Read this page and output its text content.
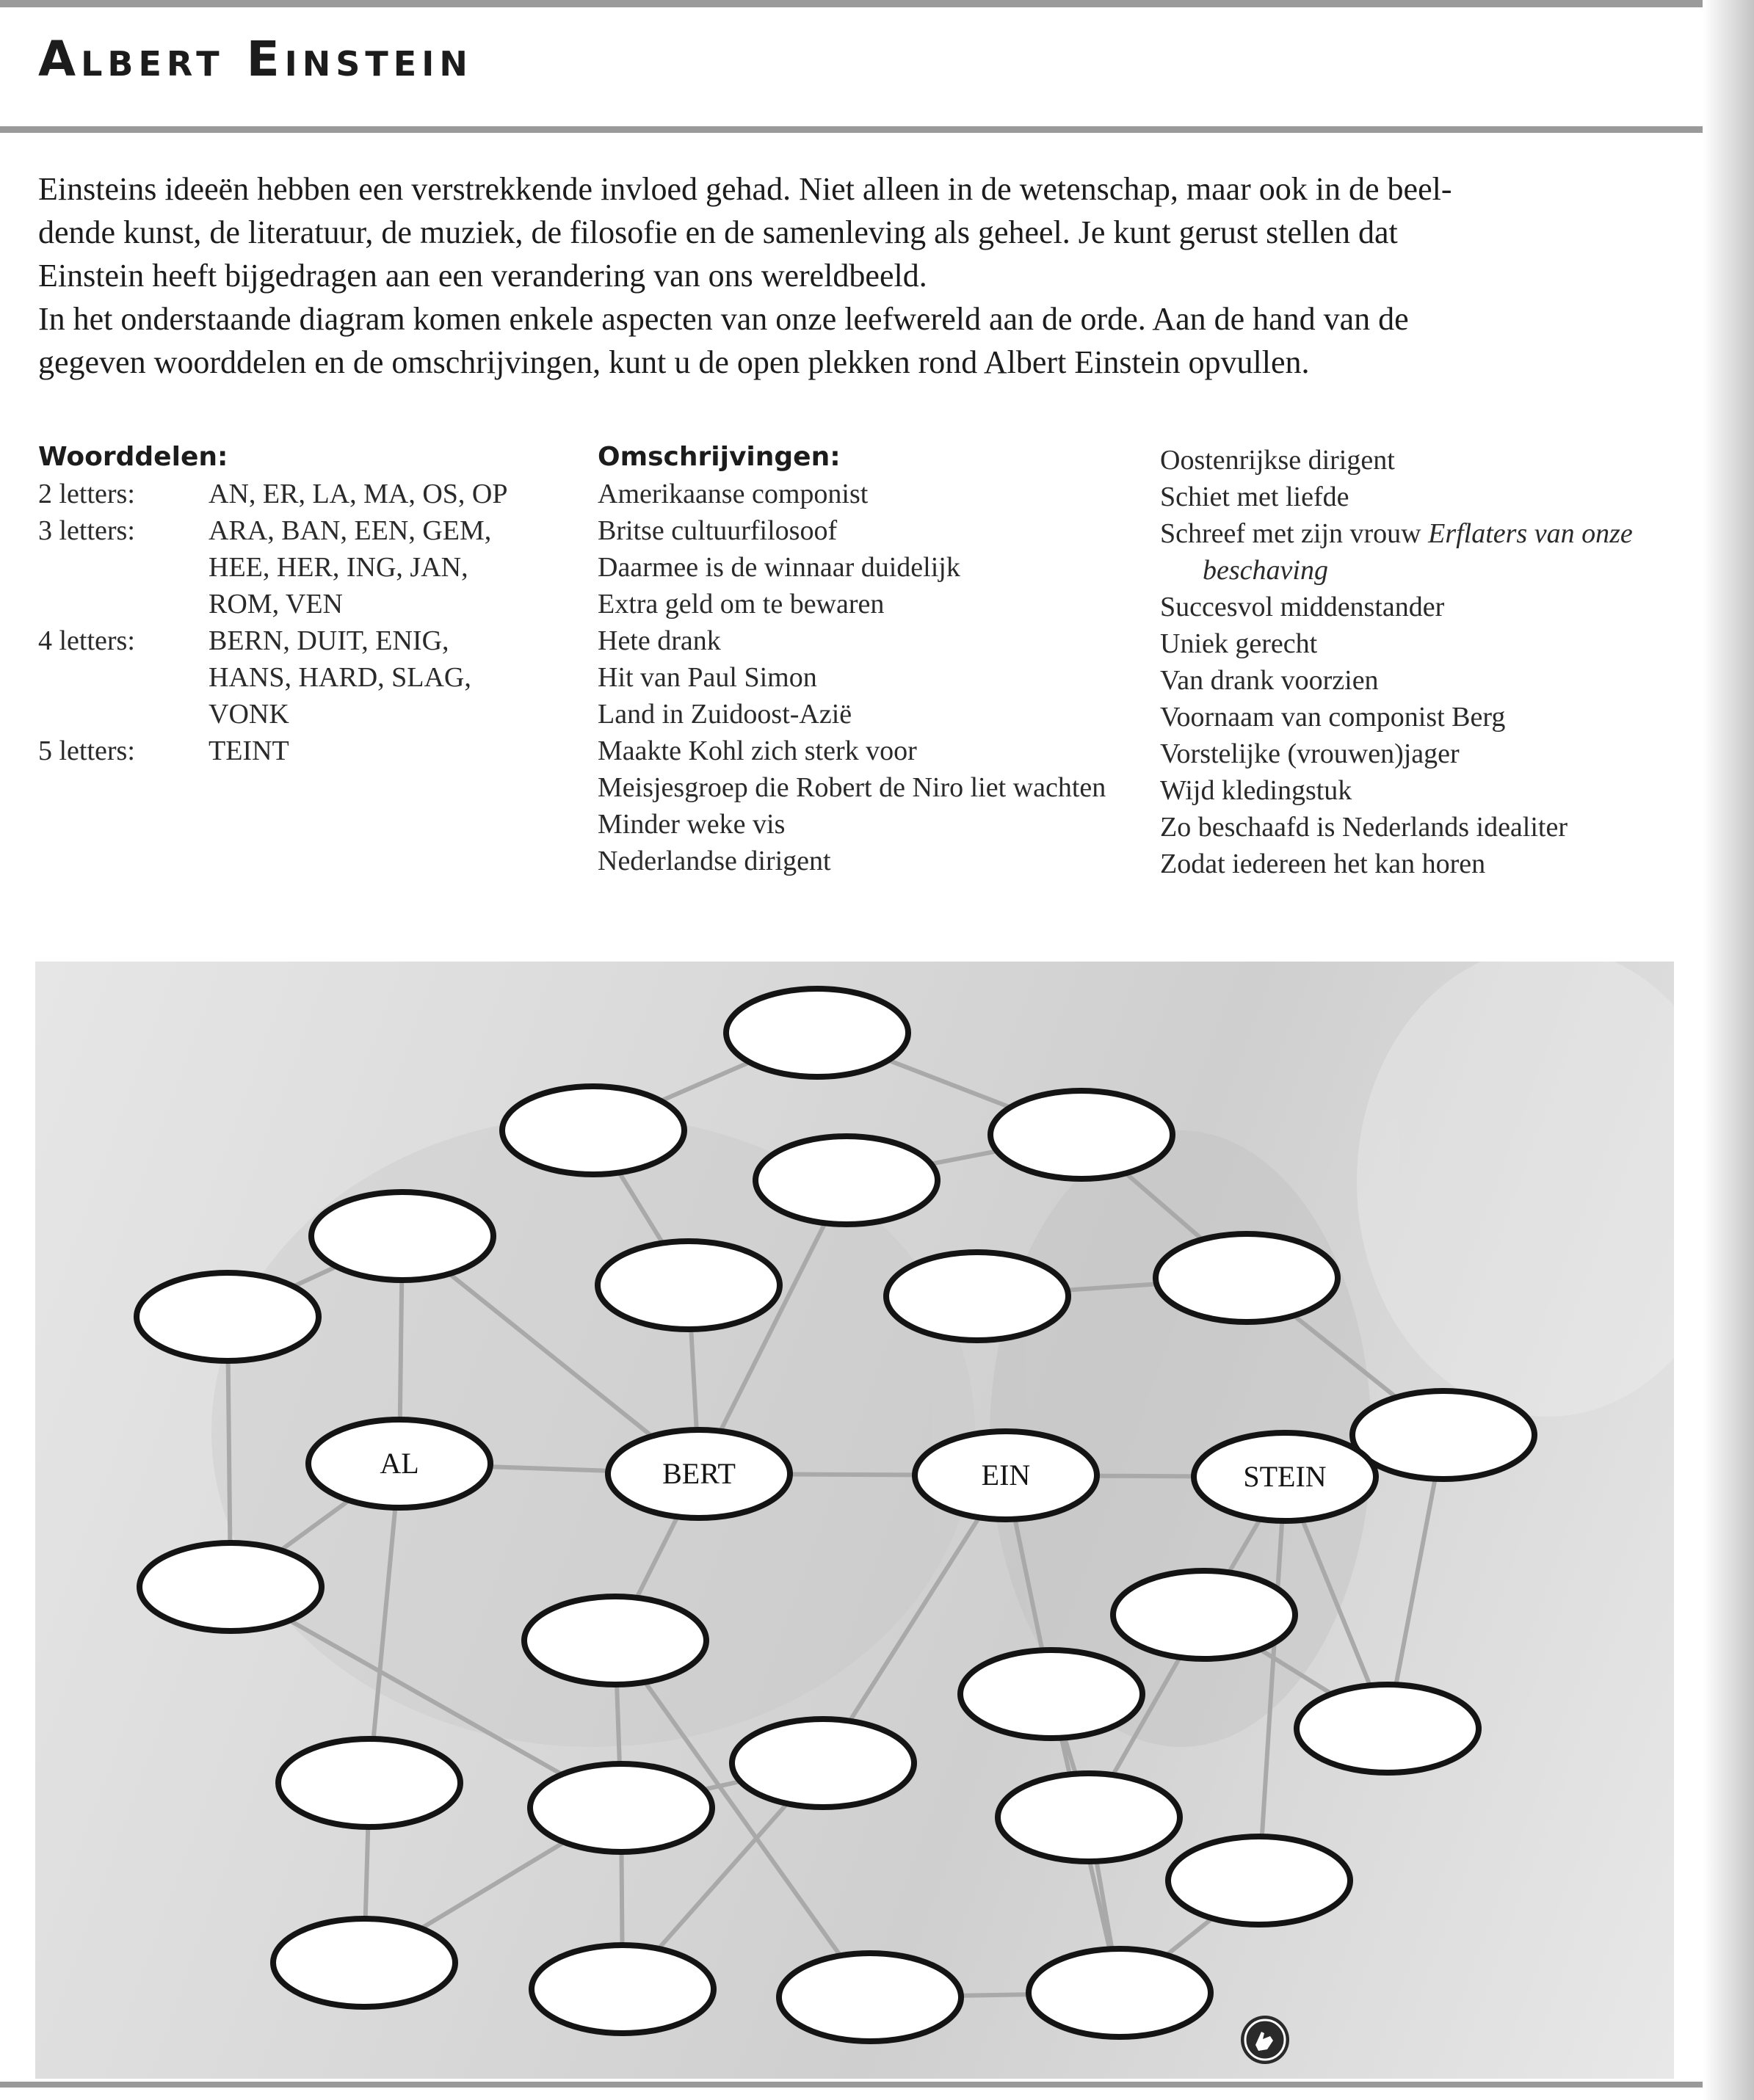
Albert Einstein

Einsteins ideeën hebben een verstrekkende invloed gehad. Niet alleen in de wetenschap, maar ook in de beel-
dende kunst, de literatuur, de muziek, de filosofie en de samenleving als geheel. Je kunt gerust stellen dat
Einstein heeft bijgedragen aan een verandering van ons wereldbeeld.
In het onderstaande diagram komen enkele aspecten van onze leefwereld aan de orde. Aan de hand van de
gegeven woorddelen en de omschrijvingen, kunt u de open plekken rond Albert Einstein opvullen.

Woorddelen:
2 letters:	AN, ER, LA, MA, OS, OP
3 letters:	ARA, BAN, EEN, GEM,
HEE, HER, ING, JAN,
ROM, VEN
4 letters:	BERN, DUIT, ENIG,
HANS, HARD, SLAG,
VONK
5 letters:	TEINT
Omschrijvingen:
Amerikaanse componist
Britse cultuurfilosoof
Daarmee is de winnaar duidelijk
Extra geld om te bewaren
Hete drank
Hit van Paul Simon
Land in Zuidoost-Azië
Maakte Kohl zich sterk voor
Meisjesgroep die Robert de Niro liet wachten
Minder weke vis
Nederlandse dirigent
Oostenrijkse dirigent
Schiet met liefde
Schreef met zijn vrouw Erflaters van onze beschaving
Succesvol middenstander
Uniek gerecht
Van drank voorzien
Voornaam van componist Berg
Vorstelijke (vrouwen)jager
Wijd kledingstuk
Zo beschaafd is Nederlands idealiter
Zodat iedereen het kan horen
AL	BERT	EIN	STEIN
